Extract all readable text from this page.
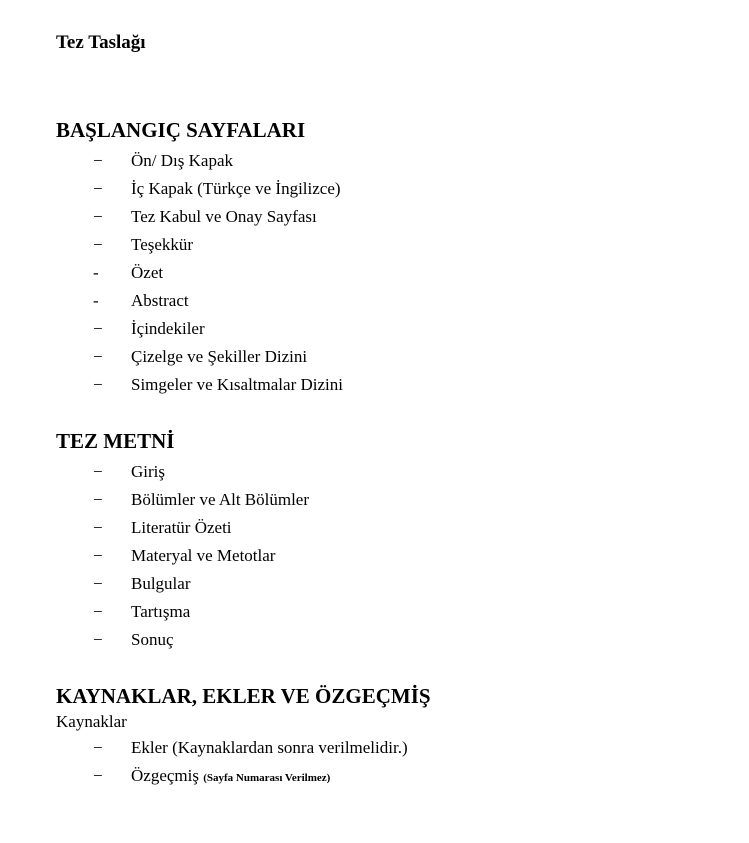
Tez Taslağı
BAŞLANGIÇ SAYFALARI
− Ön/ Dış Kapak
− İç Kapak (Türkçe ve İngilizce)
− Tez Kabul ve Onay Sayfası
− Teşekkür
- Özet
- Abstract
− İçindekiler
− Çizelge ve Şekiller Dizini
− Simgeler ve Kısaltmalar Dizini
TEZ METNİ
− Giriş
− Bölümler ve Alt Bölümler
− Literatür Özeti
− Materyal ve Metotlar
− Bulgular
− Tartışma
− Sonuç
KAYNAKLAR, EKLER VE ÖZGEÇMİŞ
Kaynaklar
− Ekler (Kaynaklardan sonra verilmelidir.)
− Özgeçmiş (Sayfa Numarası Verilmez)
